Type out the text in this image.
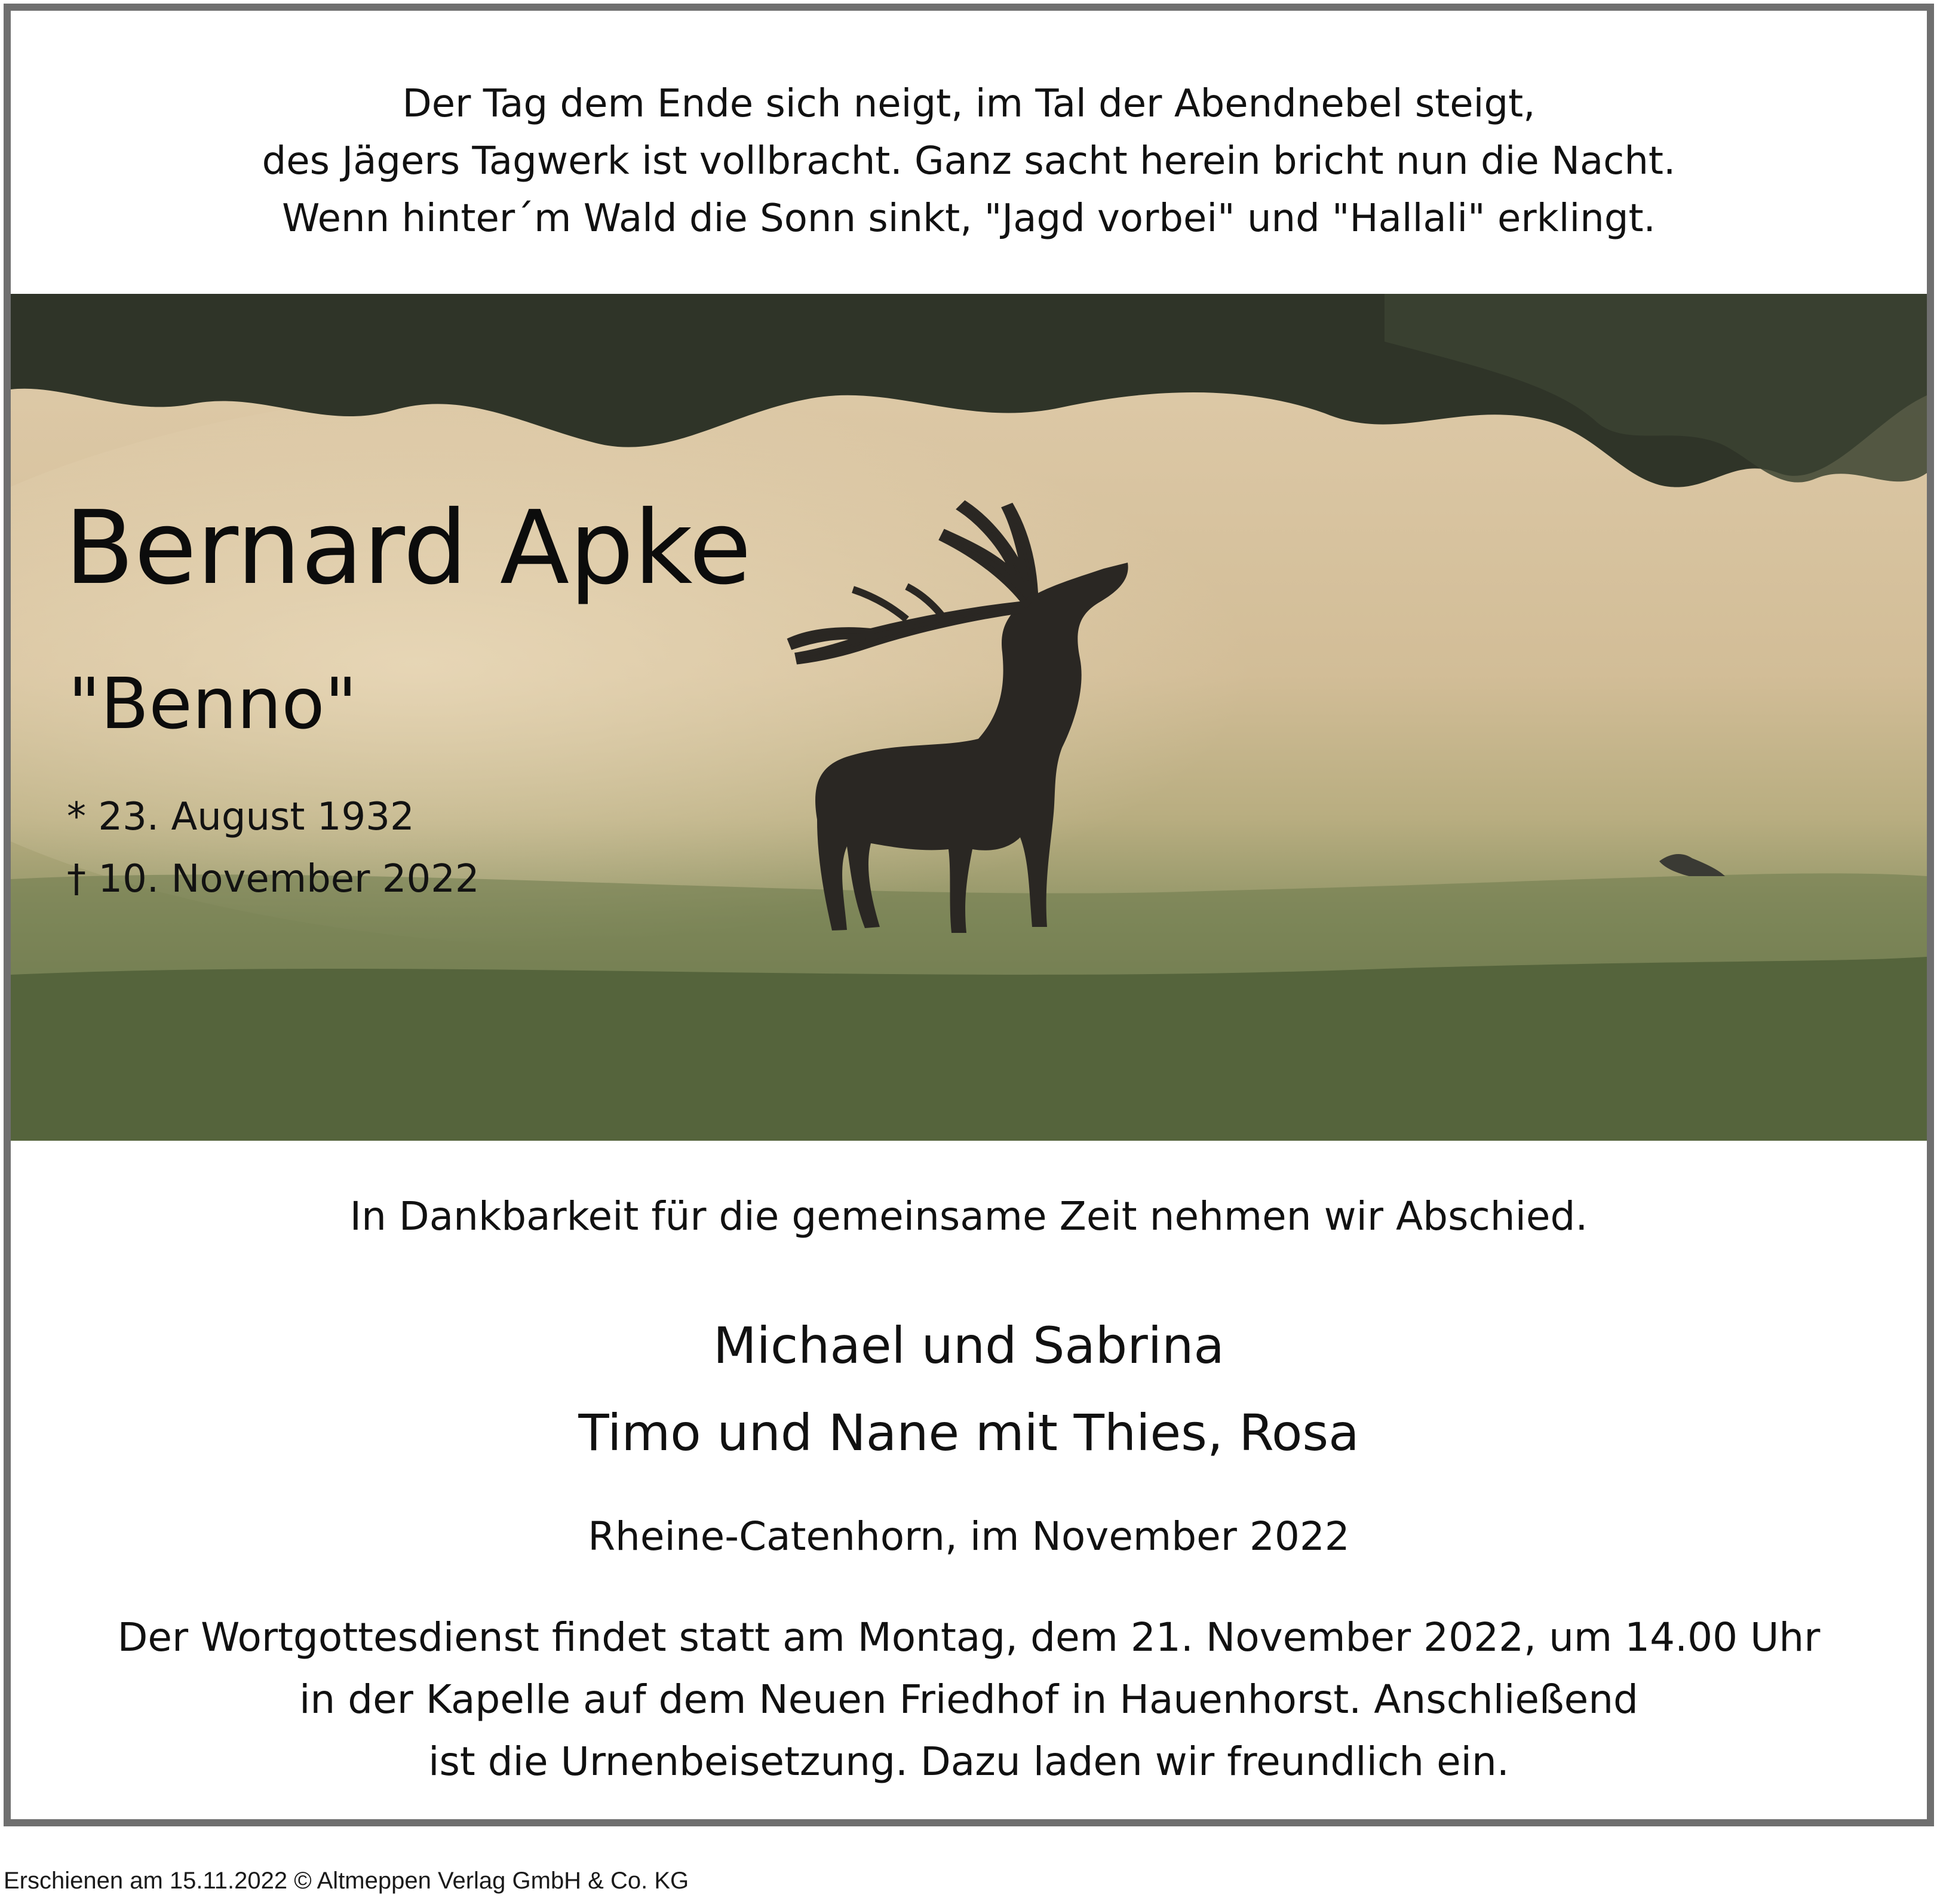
Der Tag dem Ende sich neigt, im Tal der Abendnebel steigt,
des Jägers Tagwerk ist vollbracht. Ganz sacht herein bricht nun die Nacht.
Wenn hinter´m Wald die Sonn sinkt, "Jagd vorbei" und "Hallali" erklingt.
Bernard Apke
"Benno"
* 23. August 1932
† 10. November 2022
In Dankbarkeit für die gemeinsame Zeit nehmen wir Abschied.
Michael und Sabrina
Timo und Nane mit Thies, Rosa
Rheine-Catenhorn, im November 2022
Der Wortgottesdienst findet statt am Montag, dem 21. November 2022, um 14.00 Uhr
in der Kapelle auf dem Neuen Friedhof in Hauenhorst. Anschließend
ist die Urnenbeisetzung. Dazu laden wir freundlich ein.
Erschienen am 15.11.2022 © Altmeppen Verlag GmbH & Co. KG
